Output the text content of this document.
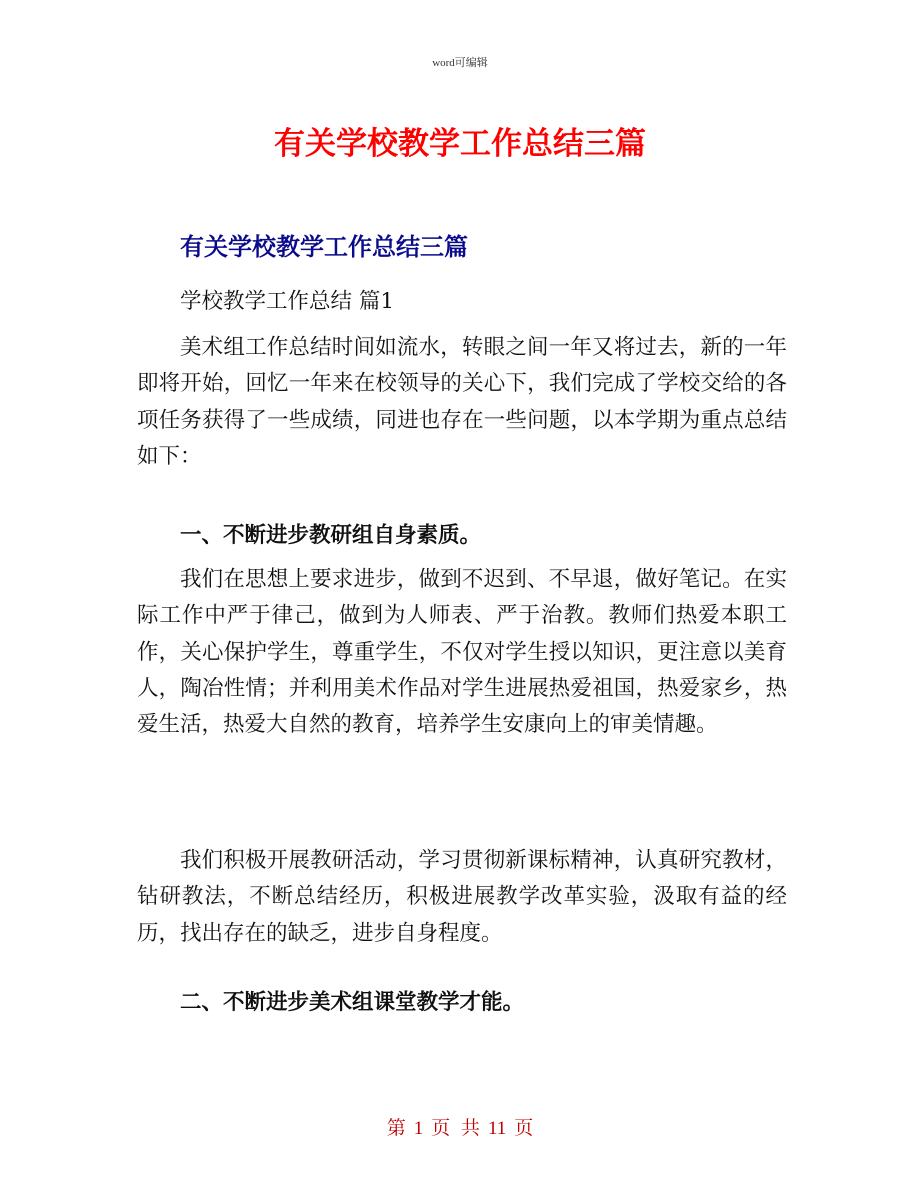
word可编辑
有关学校教学工作总结三篇
有关学校教学工作总结三篇
学校教学工作总结 篇1
美术组工作总结时间如流水，转眼之间一年又将过去，新的一年即将开始，回忆一年来在校领导的关心下，我们完成了学校交给的各项任务获得了一些成绩，同进也存在一些问题，以本学期为重点总结如下：
一、不断进步教研组自身素质。
我们在思想上要求进步，做到不迟到、不早退，做好笔记。在实际工作中严于律己，做到为人师表、严于治教。教师们热爱本职工作，关心保护学生，尊重学生，不仅对学生授以知识，更注意以美育人，陶冶性情；并利用美术作品对学生进展热爱祖国，热爱家乡，热爱生活，热爱大自然的教育，培养学生安康向上的审美情趣。
我们积极开展教研活动，学习贯彻新课标精神，认真研究教材，钻研教法，不断总结经历，积极进展教学改革实验，汲取有益的经历，找出存在的缺乏，进步自身程度。
二、不断进步美术组课堂教学才能。
第 1 页 共 11 页
